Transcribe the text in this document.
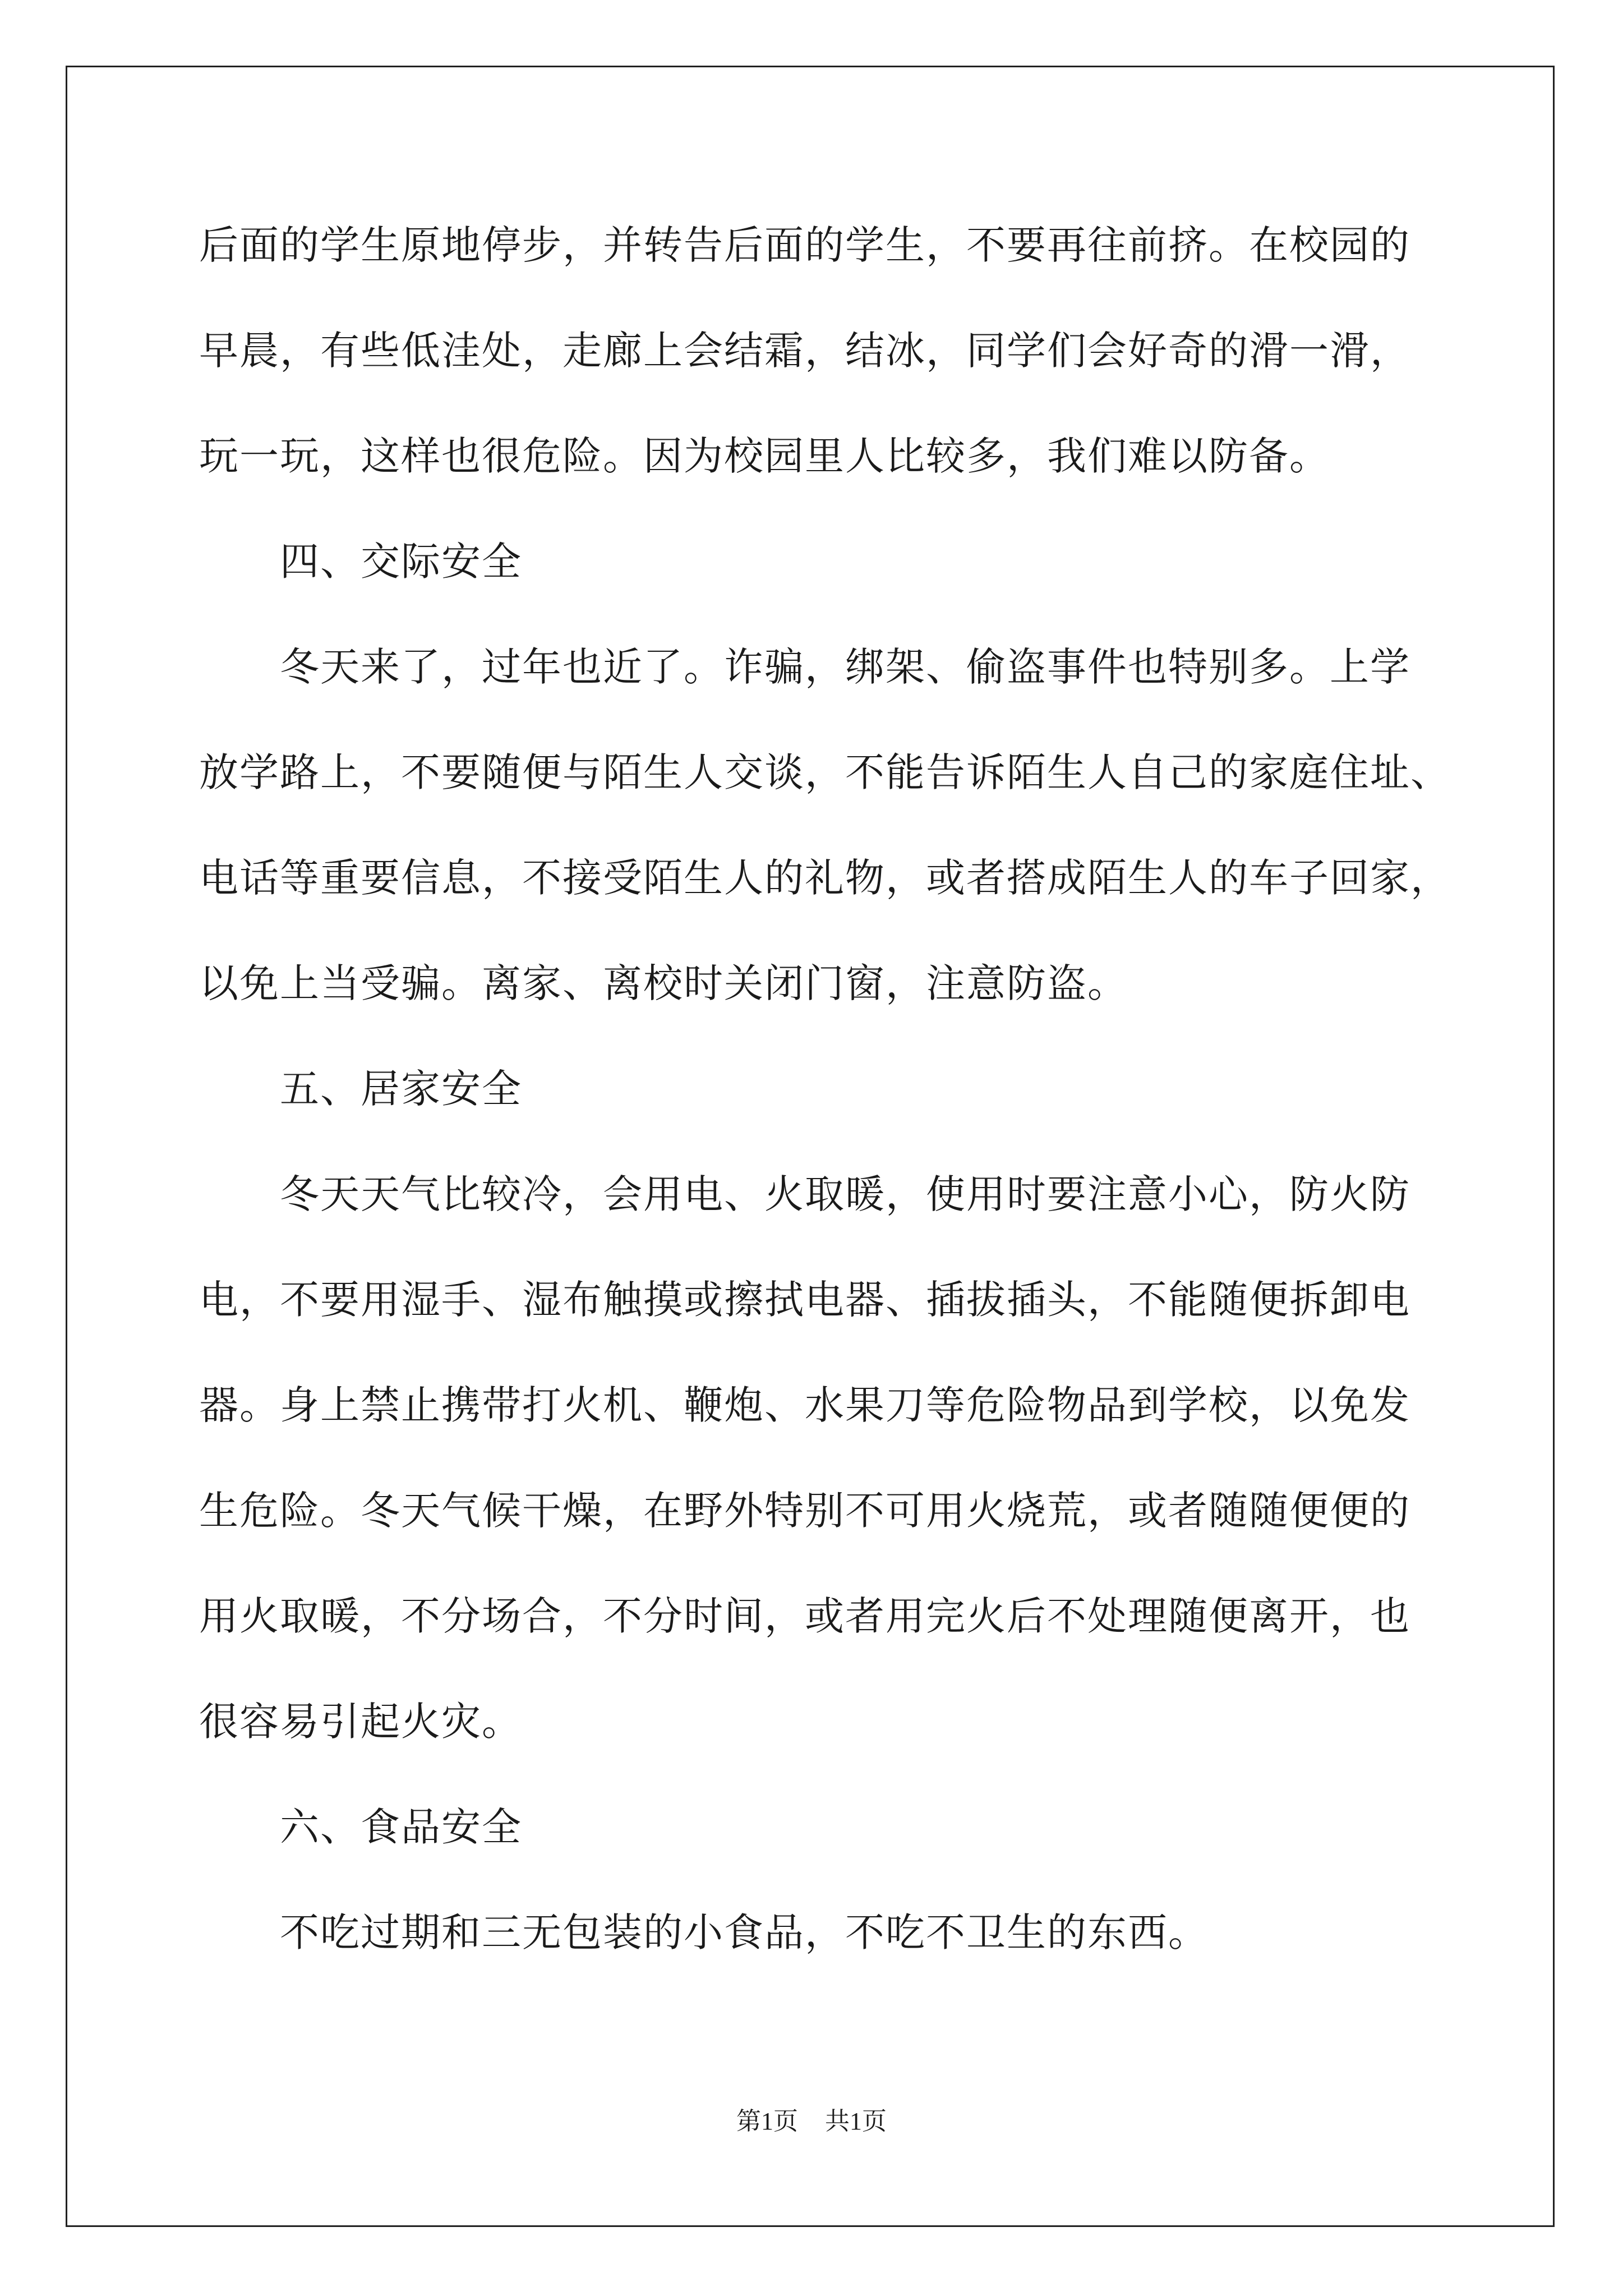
后面的学生原地停步，并转告后面的学生，不要再往前挤。在校园的

早晨，有些低洼处，走廊上会结霜，结冰，同学们会好奇的滑一滑，

玩一玩，这样也很危险。因为校园里人比较多，我们难以防备。

四、交际安全

冬天来了，过年也近了。诈骗，绑架、偷盗事件也特别多。上学

放学路上，不要随便与陌生人交谈，不能告诉陌生人自己的家庭住址、

电话等重要信息，不接受陌生人的礼物，或者搭成陌生人的车子回家，

以免上当受骗。离家、离校时关闭门窗，注意防盗。

五、居家安全

冬天天气比较冷，会用电、火取暖，使用时要注意小心，防火防

电，不要用湿手、湿布触摸或擦拭电器、插拔插头，不能随便拆卸电

器。身上禁止携带打火机、鞭炮、水果刀等危险物品到学校，以免发

生危险。冬天气候干燥，在野外特别不可用火烧荒，或者随随便便的

用火取暖，不分场合，不分时间，或者用完火后不处理随便离开，也

很容易引起火灾。

六、食品安全

不吃过期和三无包装的小食品，不吃不卫生的东西。

第1页 共1页
